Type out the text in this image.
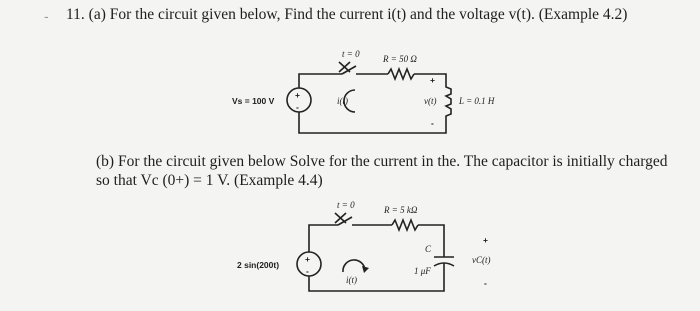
- 11. (a) For the circuit given below, Find the current i(t) and the voltage v(t). (Example 4.2)
(b) For the circuit given below Solve for the current in the. The capacitor is initially charged
so that Vc (0+) = 1 V. (Example 4.4)
+
-
t = 0	R = 50 Ω
Vs = 100 V	i(t)	v(t)
+
-
L = 0.1 H
+
-
t = 0	R = 5 kΩ
2 sin(200t)
i(t)
C
1 μF
+
vC(t)
-
